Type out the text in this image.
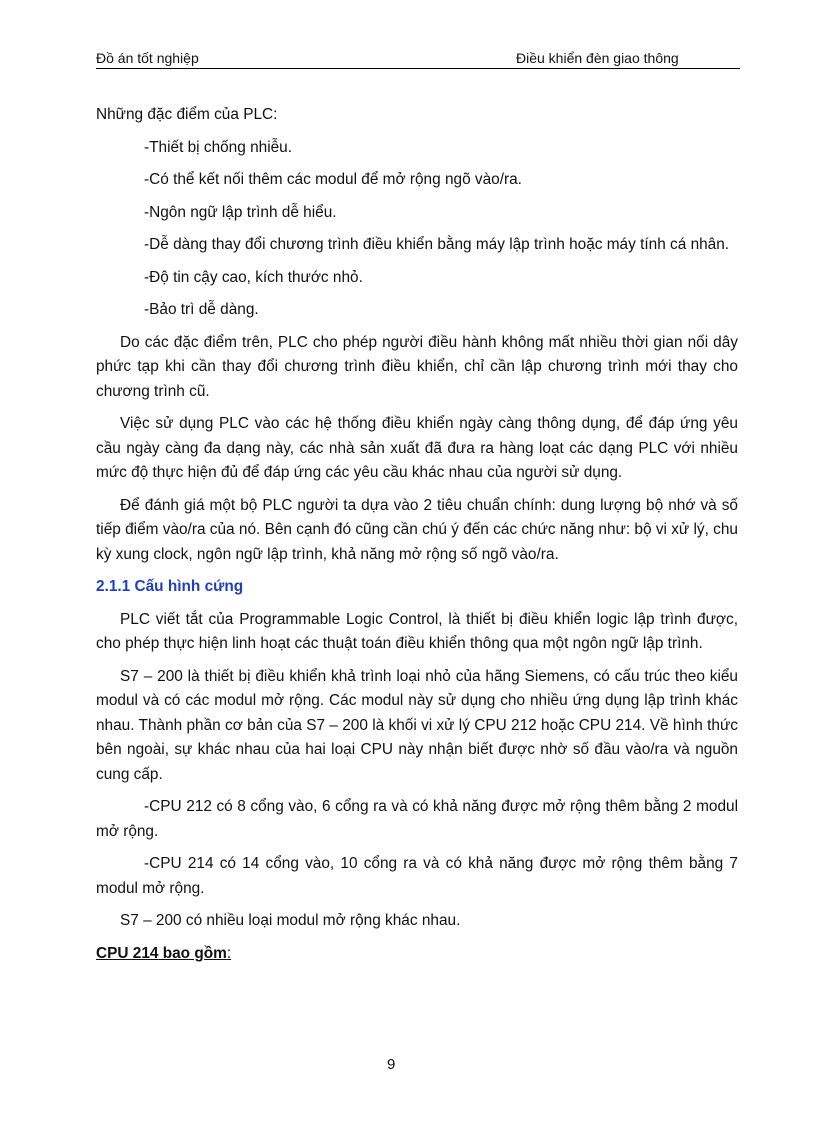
Đồ án tốt nghiệp	Điều khiển đèn giao thông

Những đặc điểm của PLC:

-Thiết bị chống nhiễu.

-Có thể kết nối thêm các modul để mở rộng ngõ vào/ra.

-Ngôn ngữ lập trình dễ hiểu.

-Dễ dàng thay đổi chương trình điều khiển bằng máy lập trình hoặc máy tính cá nhân.

-Độ tin cậy cao, kích thước nhỏ.

-Bảo trì dễ dàng.

Do các đặc điểm trên, PLC cho phép người điều hành không mất nhiều thời gian nối dây phức tạp khi cần thay đổi chương trình điều khiển, chỉ cần lập chương trình mới thay cho chương trình cũ.

Việc sử dụng PLC vào các hệ thống điều khiển ngày càng thông dụng, để đáp ứng yêu cầu ngày càng đa dạng này, các nhà sản xuất đã đưa ra hàng loạt các dạng PLC với nhiều mức độ thực hiện đủ để đáp ứng các yêu cầu khác nhau của người sử dụng.

Để đánh giá một bộ PLC người ta dựa vào 2 tiêu chuẩn chính: dung lượng bộ nhớ và số tiếp điểm vào/ra của nó. Bên cạnh đó cũng cần chú ý đến các chức năng như: bộ vi xử lý, chu kỳ xung clock, ngôn ngữ lập trình, khả năng mở rộng số ngõ vào/ra.

2.1.1 Cấu hình cứng

PLC viết tắt của Programmable Logic Control, là thiết bị điều khiển logic lập trình được, cho phép thực hiện linh hoạt các thuật toán điều khiển thông qua một ngôn ngữ lập trình.

S7 – 200 là thiết bị điều khiển khả trình loại nhỏ của hãng Siemens, có cấu trúc theo kiểu modul và có các modul mở rộng. Các modul này sử dụng cho nhiều ứng dụng lập trình khác nhau. Thành phần cơ bản của S7 – 200 là khối vi xử lý CPU 212 hoặc CPU 214. Về hình thức bên ngoài, sự khác nhau của hai loại CPU này nhận biết được nhờ số đầu vào/ra và nguồn cung cấp.

-CPU 212 có 8 cổng vào, 6 cổng ra và có khả năng được mở rộng thêm bằng 2 modul mở rộng.

-CPU 214 có 14 cổng vào, 10 cổng ra và có khả năng được mở rộng thêm bằng 7 modul mở rộng.

S7 – 200 có nhiều loại modul mở rộng khác nhau.

CPU 214 bao gồm:

9
